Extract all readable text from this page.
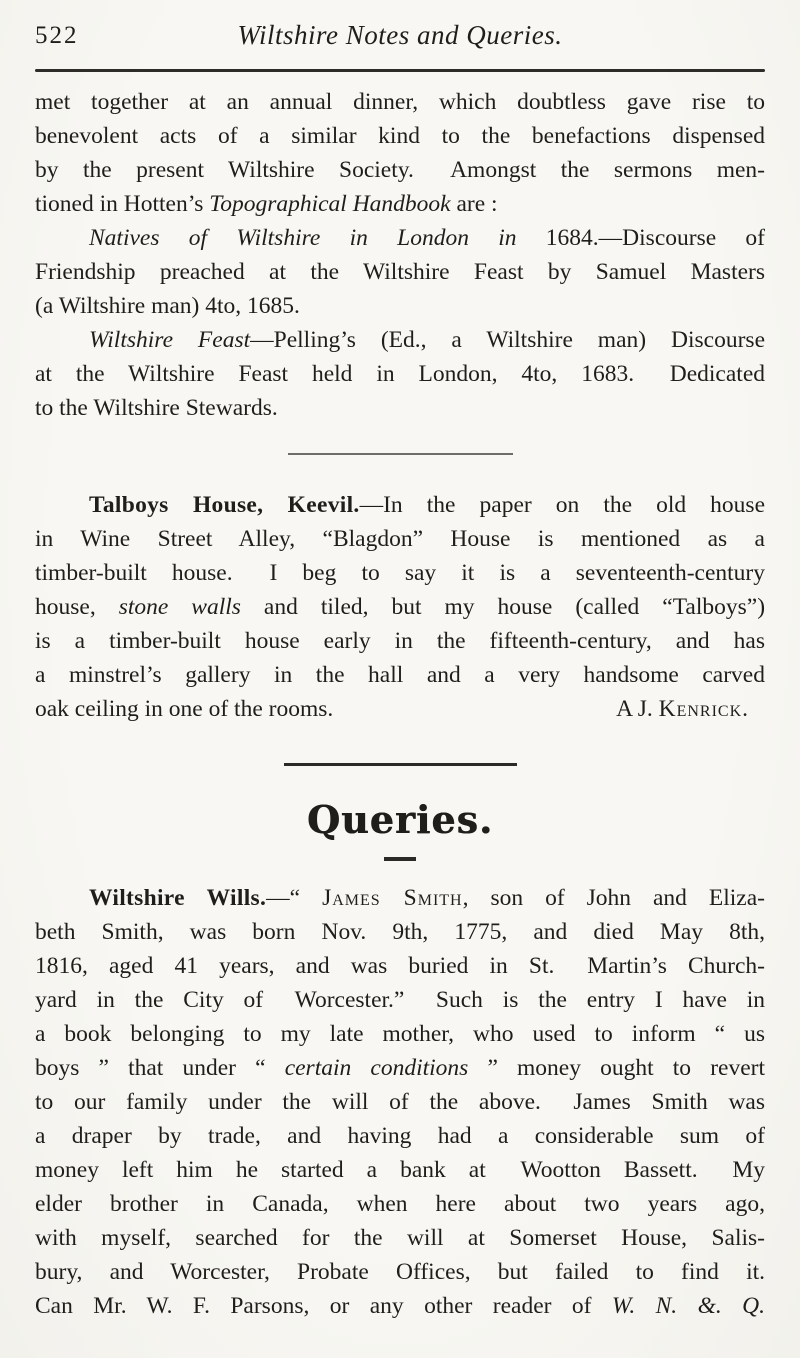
522	Wiltshire Notes and Queries.
met together at an annual dinner, which doubtless gave rise to
benevolent acts of a similar kind to the benefactions dispensed
by the present Wiltshire Society.  Amongst the sermons men-
tioned in Hotten’s Topographical Handbook are :
Natives of Wiltshire in London in 1684.—Discourse of
Friendship preached at the Wiltshire Feast by Samuel Masters
(a Wiltshire man) 4to, 1685.
Wiltshire Feast—Pelling’s (Ed., a Wiltshire man) Discourse
at the Wiltshire Feast held in London, 4to, 1683.  Dedicated
to the Wiltshire Stewards.
Talboys House, Keevil.—In the paper on the old house
in Wine Street Alley, “Blagdon” House is mentioned as a
timber-built house.  I beg to say it is a seventeenth-century
house, stone walls and tiled, but my house (called “Talboys”)
is a timber-built house early in the fifteenth-century, and has
a minstrel’s gallery in the hall and a very handsome carved
oak ceiling in one of the rooms.	A J. Kenrick.
Queries.
Wiltshire Wills.—“ James Smith, son of John and Eliza-
beth Smith, was born Nov. 9th, 1775, and died May 8th,
1816, aged 41 years, and was buried in St.  Martin’s Church-
yard in the City of  Worcester.”  Such is the entry I have in
a book belonging to my late mother, who used to inform “ us
boys ” that under “ certain conditions ” money ought to revert
to our family under the will of the above.  James Smith was
a draper by trade, and having had a considerable sum of
money left him he started a bank at  Wootton Bassett.  My
elder brother in Canada, when here about two years ago,
with myself, searched for the will at Somerset House, Salis-
bury, and Worcester, Probate Offices, but failed to find it.
Can Mr. W. F. Parsons, or any other reader of W. N. &. Q.
